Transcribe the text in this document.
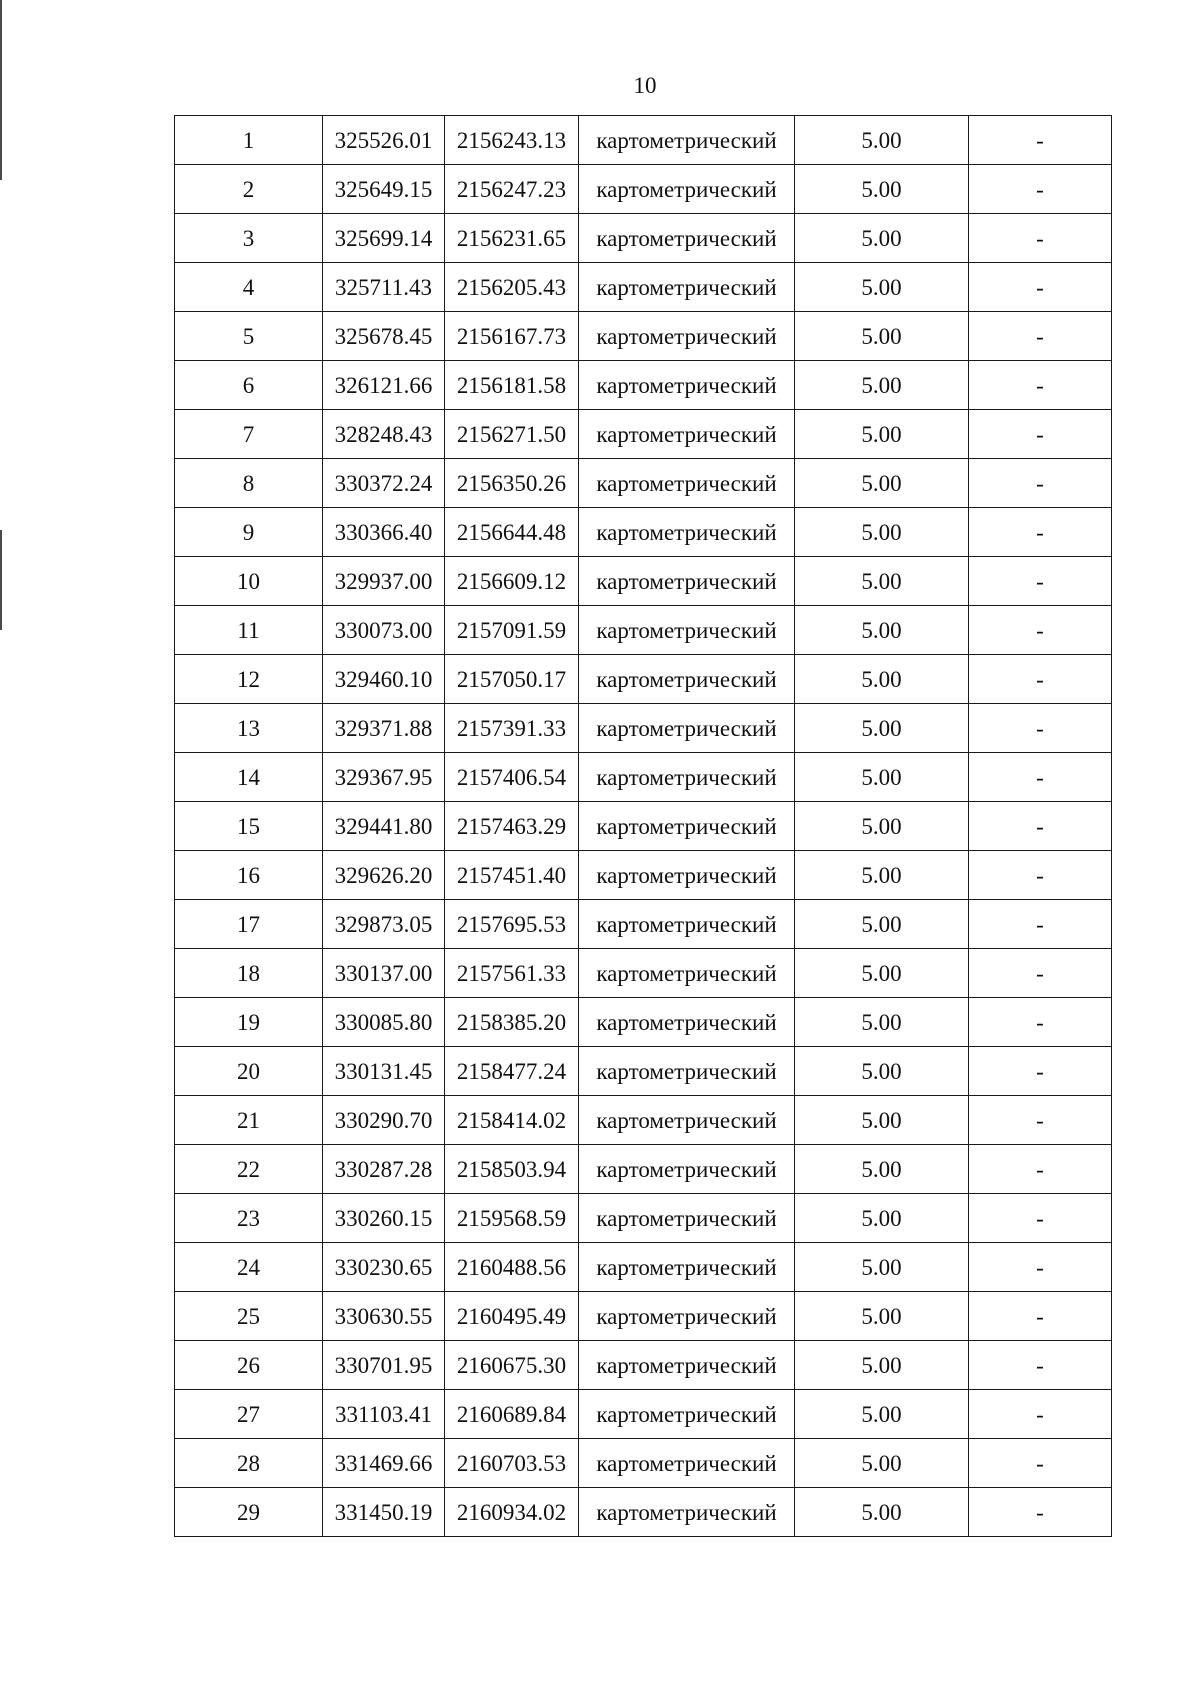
10
1	325526.01	2156243.13	картометрический	5.00	-
2	325649.15	2156247.23	картометрический	5.00	-
3	325699.14	2156231.65	картометрический	5.00	-
4	325711.43	2156205.43	картометрический	5.00	-
5	325678.45	2156167.73	картометрический	5.00	-
6	326121.66	2156181.58	картометрический	5.00	-
7	328248.43	2156271.50	картометрический	5.00	-
8	330372.24	2156350.26	картометрический	5.00	-
9	330366.40	2156644.48	картометрический	5.00	-
10	329937.00	2156609.12	картометрический	5.00	-
11	330073.00	2157091.59	картометрический	5.00	-
12	329460.10	2157050.17	картометрический	5.00	-
13	329371.88	2157391.33	картометрический	5.00	-
14	329367.95	2157406.54	картометрический	5.00	-
15	329441.80	2157463.29	картометрический	5.00	-
16	329626.20	2157451.40	картометрический	5.00	-
17	329873.05	2157695.53	картометрический	5.00	-
18	330137.00	2157561.33	картометрический	5.00	-
19	330085.80	2158385.20	картометрический	5.00	-
20	330131.45	2158477.24	картометрический	5.00	-
21	330290.70	2158414.02	картометрический	5.00	-
22	330287.28	2158503.94	картометрический	5.00	-
23	330260.15	2159568.59	картометрический	5.00	-
24	330230.65	2160488.56	картометрический	5.00	-
25	330630.55	2160495.49	картометрический	5.00	-
26	330701.95	2160675.30	картометрический	5.00	-
27	331103.41	2160689.84	картометрический	5.00	-
28	331469.66	2160703.53	картометрический	5.00	-
29	331450.19	2160934.02	картометрический	5.00	-
